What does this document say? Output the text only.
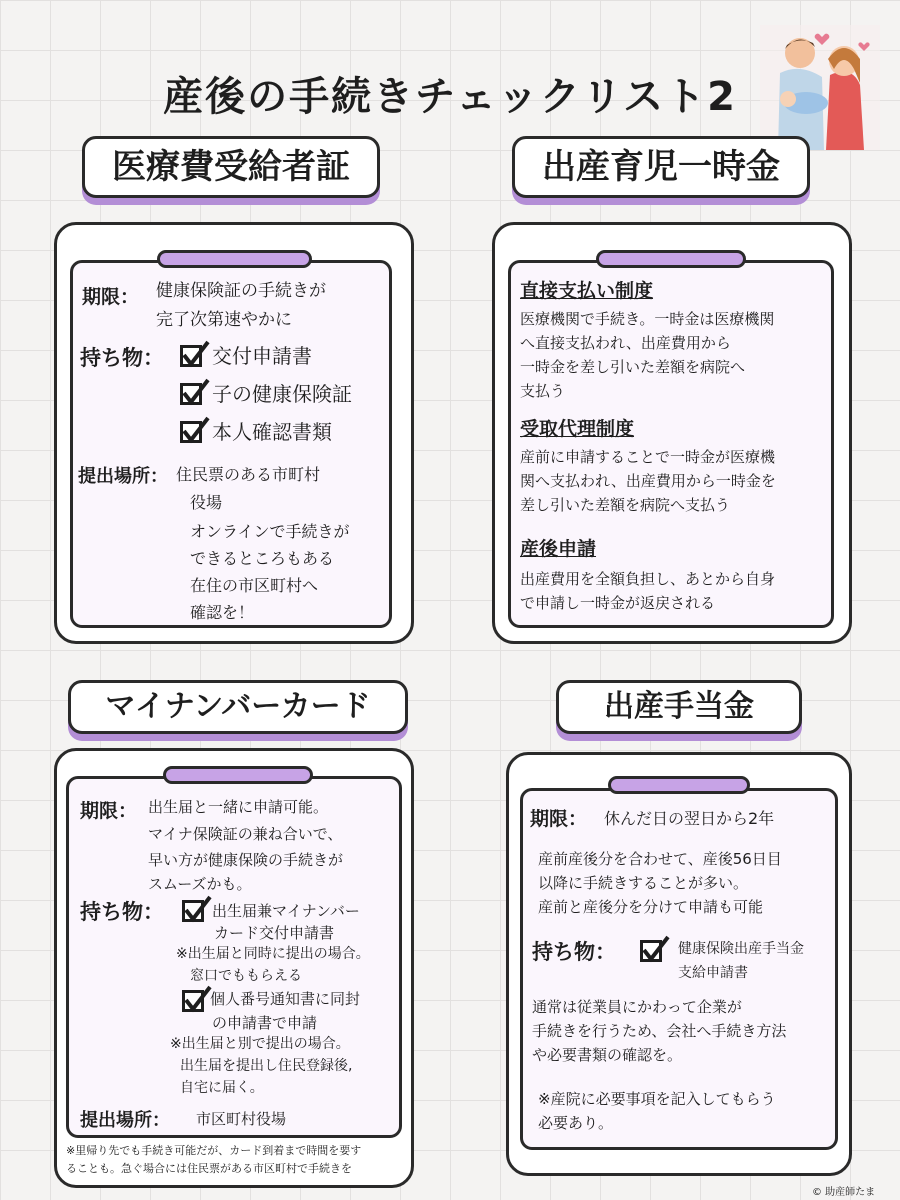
産後の手続きチェックリスト2
医療費受給者証
期限： 健康保険証の手続きが
完了次第速やかに
持ち物： 交付申請書
子の健康保険証
本人確認書類
提出場所： 住民票のある市町村
役場
オンラインで手続きが
できるところもある
在住の市区町村へ
確認を！
出産育児一時金
直接支払い制度
医療機関で手続き。一時金は医療機関
へ直接支払われ、出産費用から
一時金を差し引いた差額を病院へ
支払う
受取代理制度
産前に申請することで一時金が医療機
関へ支払われ、出産費用から一時金を
差し引いた差額を病院へ支払う
産後申請
出産費用を全額負担し、あとから自身
で申請し一時金が返戻される
マイナンバーカード
期限： 出生届と一緒に申請可能。
マイナ保険証の兼ね合いで、
早い方が健康保険の手続きが
スムーズかも。
持ち物：	出生届兼マイナンバー
カード交付申請書
※出生届と同時に提出の場合。
窓口でももらえる
個人番号通知書に同封
の申請書で申請
※出生届と別で提出の場合。
出生届を提出し住民登録後,
自宅に届く。
提出場所： 市区町村役場
※里帰り先でも手続き可能だが、カード到着まで時間を要す
ることも。急ぐ場合には住民票がある市区町村で手続きを
出産手当金
期限： 休んだ日の翌日から2年
産前産後分を合わせて、産後56日目
以降に手続きすることが多い。
産前と産後分を分けて申請も可能
持ち物：	健康保険出産手当金
支給申請書
通常は従業員にかわって企業が
手続きを行うため、会社へ手続き方法
や必要書類の確認を。
※産院に必要事項を記入してもらう
必要あり。
© 助産師たま
